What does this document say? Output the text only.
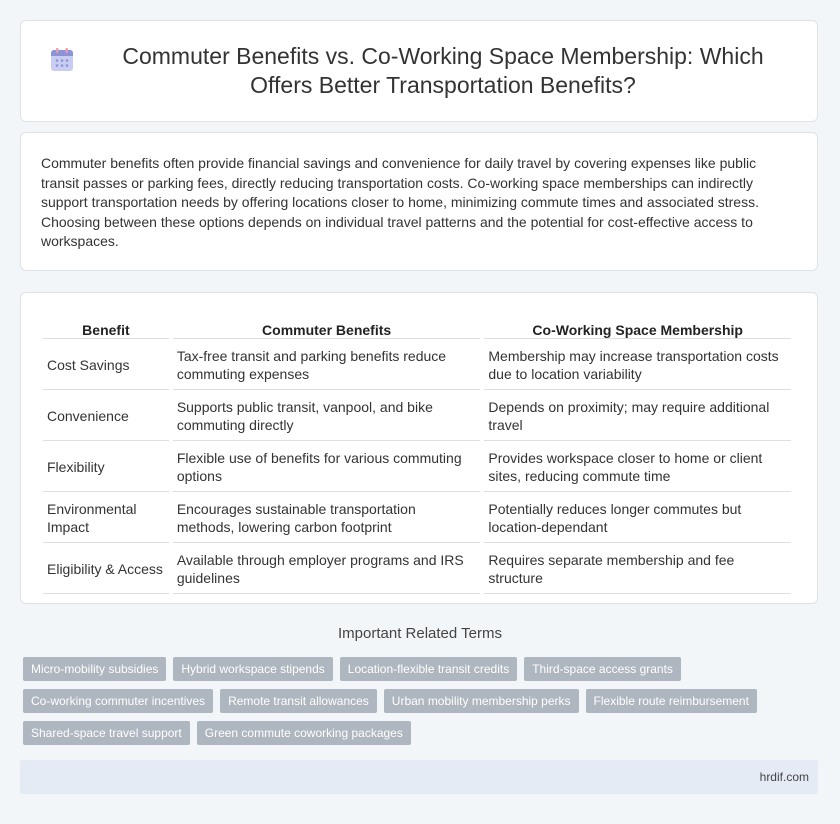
Commuter Benefits vs. Co-Working Space Membership: Which Offers Better Transportation Benefits?

Commuter benefits often provide financial savings and convenience for daily travel by covering expenses like public transit passes or parking fees, directly reducing transportation costs. Co-working space memberships can indirectly support transportation needs by offering locations closer to home, minimizing commute times and associated stress. Choosing between these options depends on individual travel patterns and the potential for cost-effective access to workspaces.

Benefit	Commuter Benefits	Co-Working Space Membership
Cost Savings	Tax-free transit and parking benefits reduce commuting expenses	Membership may increase transportation costs due to location variability
Convenience	Supports public transit, vanpool, and bike commuting directly	Depends on proximity; may require additional travel
Flexibility	Flexible use of benefits for various commuting options	Provides workspace closer to home or client sites, reducing commute time
Environmental Impact	Encourages sustainable transportation methods, lowering carbon footprint	Potentially reduces longer commutes but location-dependant
Eligibility & Access	Available through employer programs and IRS guidelines	Requires separate membership and fee structure
Important Related Terms
Micro-mobility subsidies	Hybrid workspace stipends	Location-flexible transit credits	Third-space access grants
Co-working commuter incentives	Remote transit allowances	Urban mobility membership perks	Flexible route reimbursement
Shared-space travel support	Green commute coworking packages
hrdif.com
